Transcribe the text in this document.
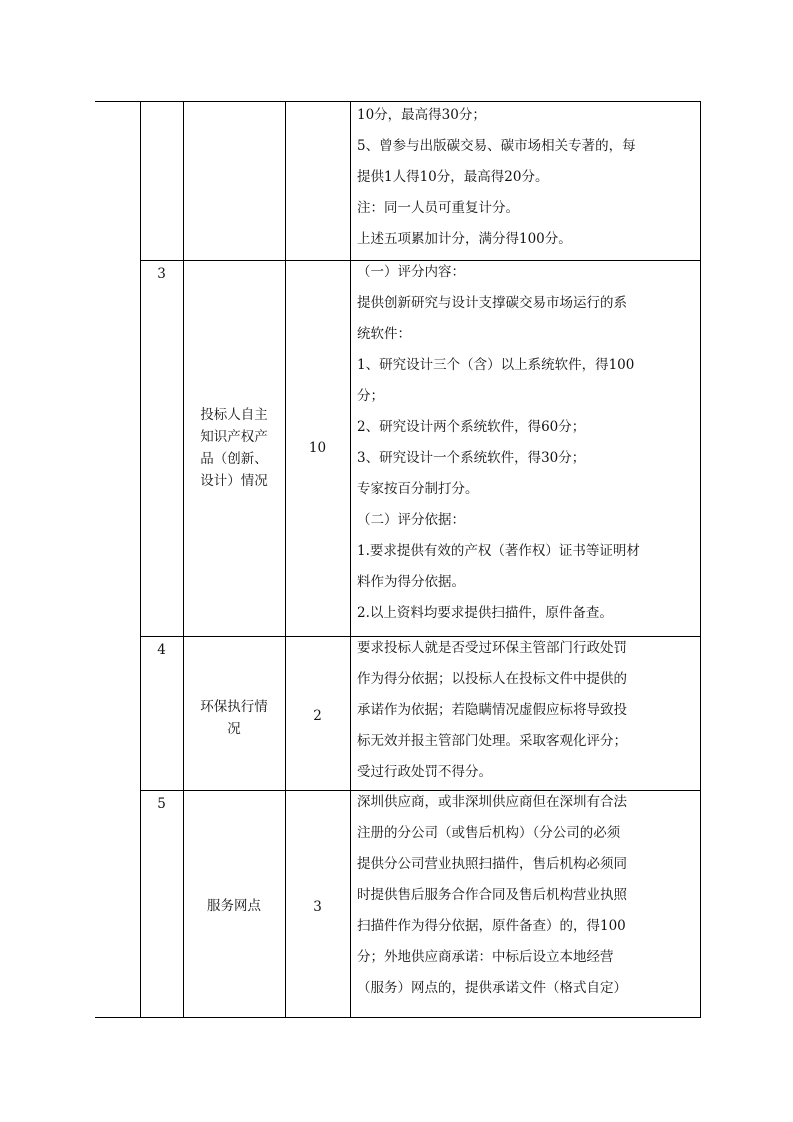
10分，最高得30分；
5、曾参与出版碳交易、碳市场相关专著的，每
提供1人得10分，最高得20分。
注：同一人员可重复计分。
上述五项累加计分，满分得100分。
3
投标人自主
知识产权产
品（创新、
设计）情况
10
（一）评分内容：
提供创新研究与设计支撑碳交易市场运行的系
统软件：
1、研究设计三个（含）以上系统软件，得100
分；
2、研究设计两个系统软件，得60分；
3、研究设计一个系统软件，得30分；
专家按百分制打分。
（二）评分依据：
1.要求提供有效的产权（著作权）证书等证明材
料作为得分依据。
2.以上资料均要求提供扫描件，原件备查。
4
环保执行情
况
2
要求投标人就是否受过环保主管部门行政处罚
作为得分依据；以投标人在投标文件中提供的
承诺作为依据；若隐瞒情况虚假应标将导致投
标无效并报主管部门处理。采取客观化评分；
受过行政处罚不得分。
5
服务网点	3
深圳供应商，或非深圳供应商但在深圳有合法
注册的分公司（或售后机构）（分公司的必须
提供分公司营业执照扫描件，售后机构必须同
时提供售后服务合作合同及售后机构营业执照
扫描件作为得分依据，原件备查）的，得100
分；外地供应商承诺：中标后设立本地经营
（服务）网点的，提供承诺文件（格式自定）
